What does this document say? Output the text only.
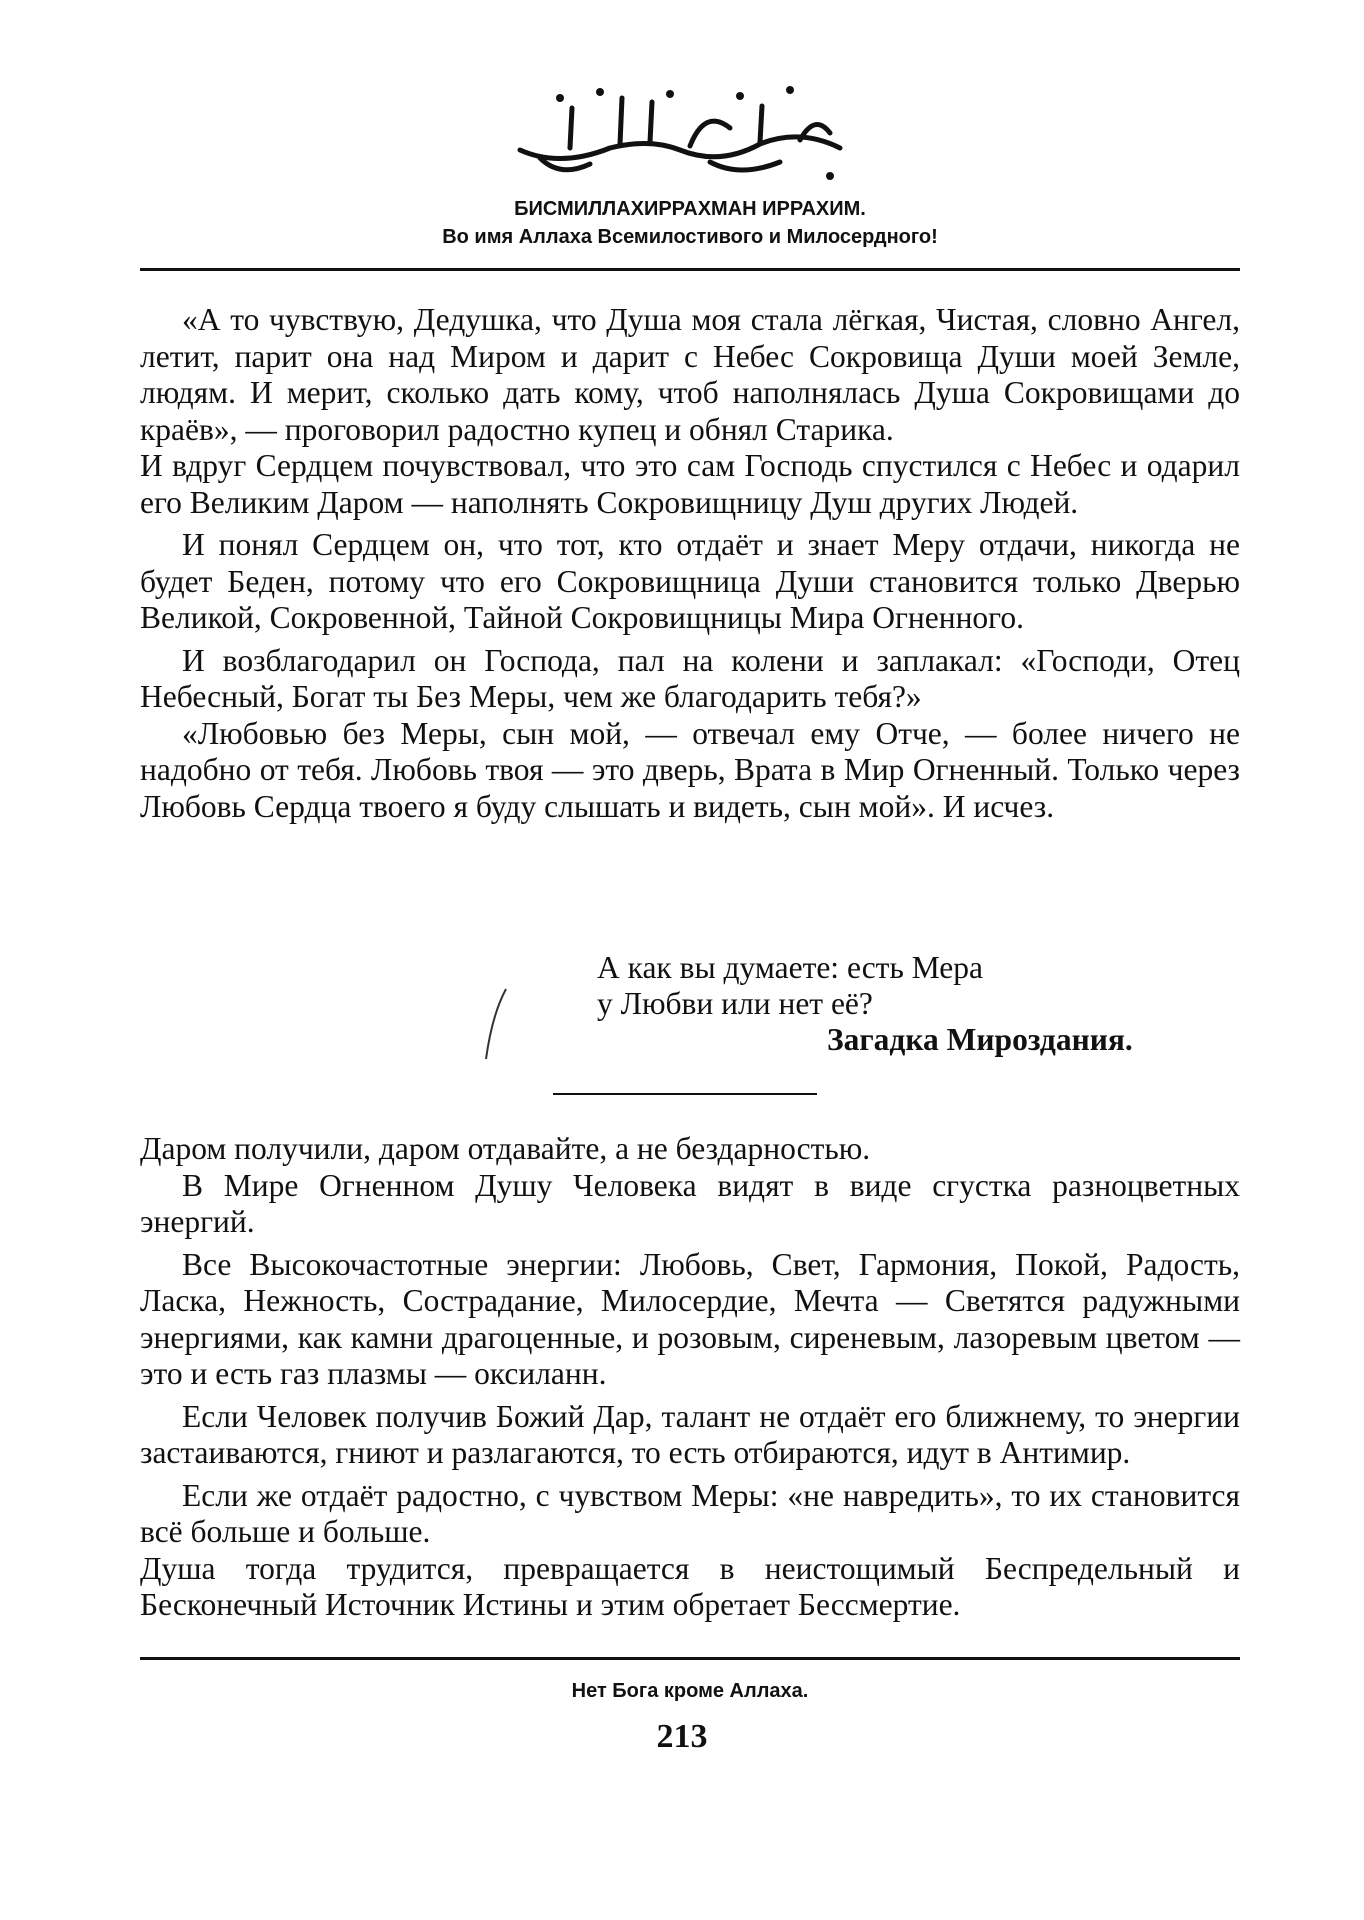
БИСМИЛЛАХИРРАХМАН ИРРАХИМ.
Во имя Аллаха Всемилостивого и Милосердного!

«А то чувствую, Дедушка, что Душа моя стала лёгкая, Чистая, словно Ангел, летит, парит она над Миром и дарит с Небес Сокровища Души моей Земле, людям. И мерит, сколько дать кому, чтоб наполнялась Душа Сокровищами до краёв», — проговорил радостно купец и обнял Старика.

И вдруг Сердцем почувствовал, что это сам Господь спустился с Небес и одарил его Великим Даром — наполнять Сокровищницу Душ других Людей.

И понял Сердцем он, что тот, кто отдаёт и знает Меру отдачи, никогда не будет Беден, потому что его Сокровищница Души становится только Дверью Великой, Сокровенной, Тайной Сокровищницы Мира Огненного.

И возблагодарил он Господа, пал на колени и заплакал: «Господи, Отец Небесный, Богат ты Без Меры, чем же благодарить тебя?»

«Любовью без Меры, сын мой, — отвечал ему Отче, — более ничего не надобно от тебя. Любовь твоя — это дверь, Врата в Мир Огненный. Только через Любовь Сердца твоего я буду слышать и видеть, сын мой». И исчез.

А как вы думаете: есть Мера
у Любви или нет её?
Загадка Мироздания.

Даром получили, даром отдавайте, а не бездарностью.

В Мире Огненном Душу Человека видят в виде сгустка разноцветных энергий.

Все Высокочастотные энергии: Любовь, Свет, Гармония, Покой, Радость, Ласка, Нежность, Сострадание, Милосердие, Мечта — Светятся радужными энергиями, как камни драгоценные, и розовым, сиреневым, лазоревым цветом — это и есть газ плазмы — оксиланн.

Если Человек получив Божий Дар, талант не отдаёт его ближнему, то энергии застаиваются, гниют и разлагаются, то есть отбираются, идут в Антимир.

Если же отдаёт радостно, с чувством Меры: «не навредить», то их становится всё больше и больше.

Душа тогда трудится, превращается в неистощимый Беспредельный и Бесконечный Источник Истины и этим обретает Бессмертие.

Нет Бога кроме Аллаха.
213
